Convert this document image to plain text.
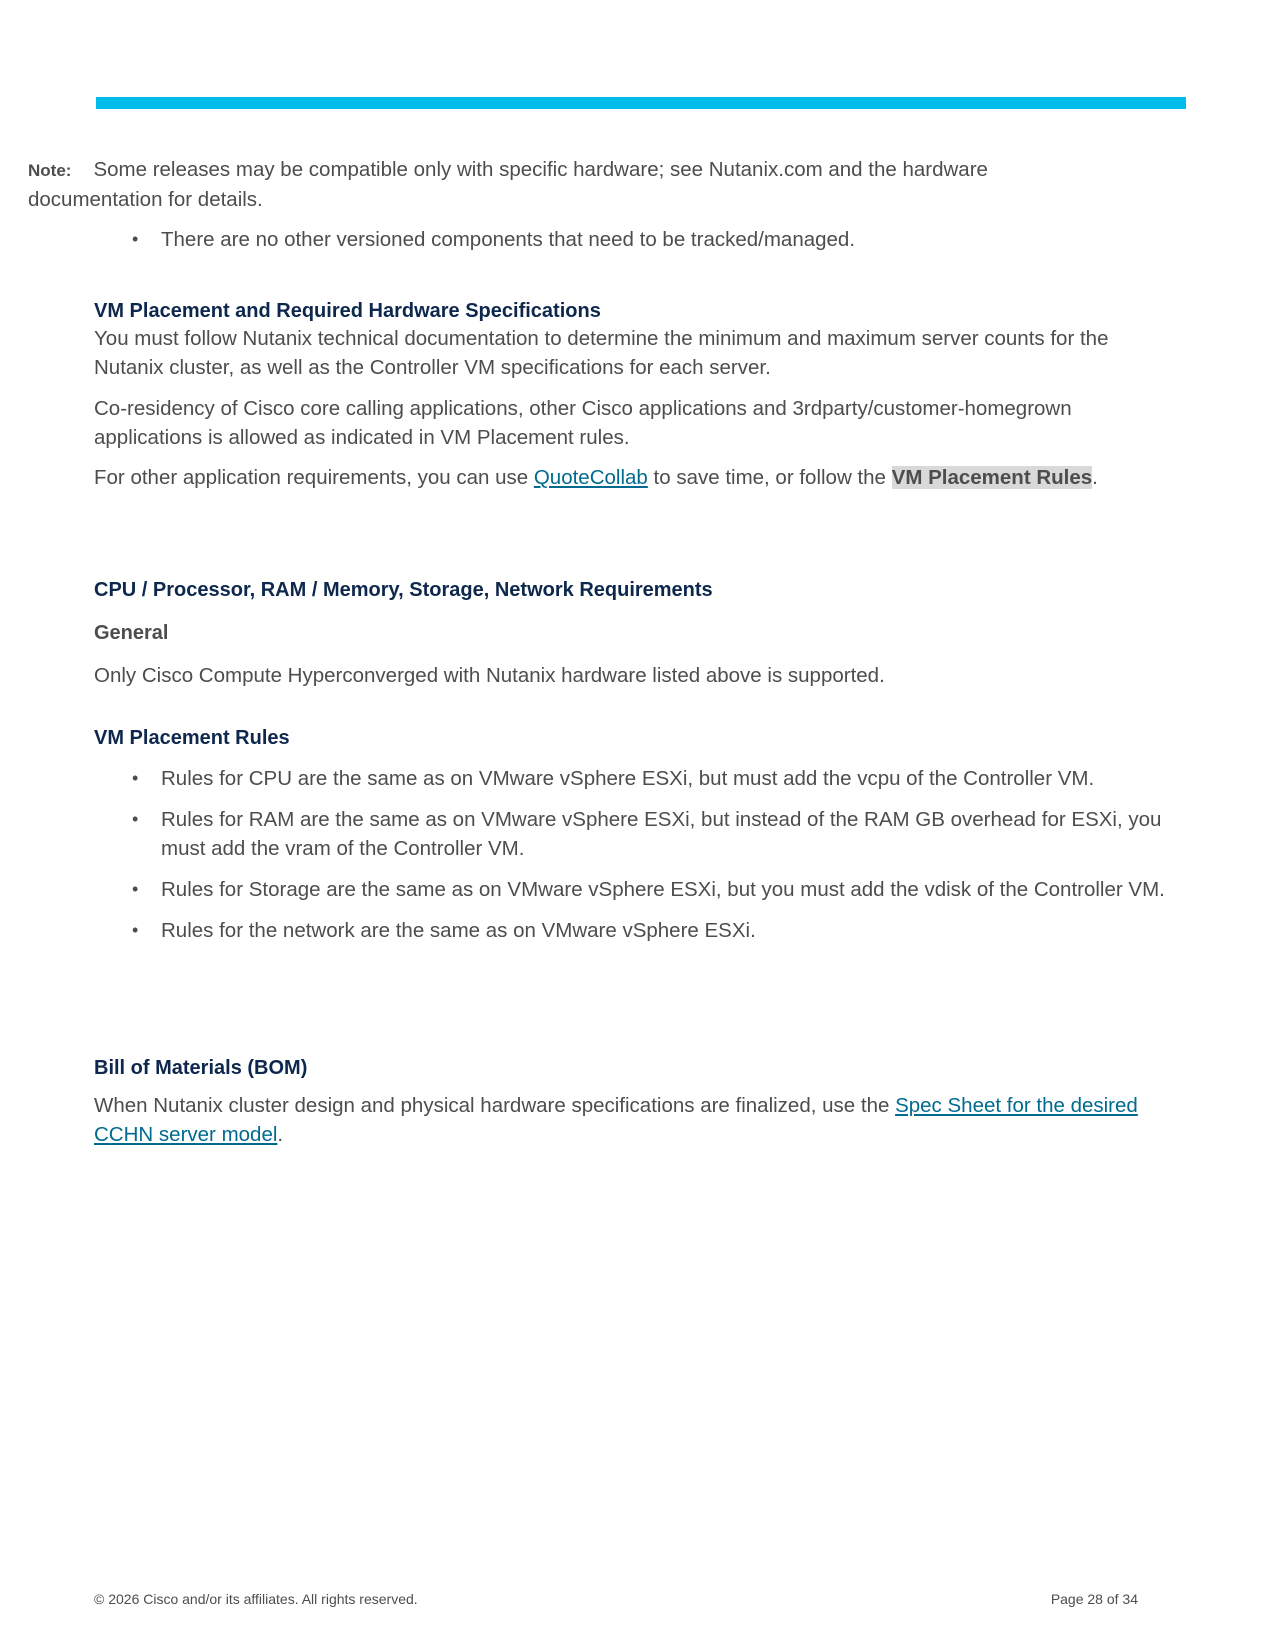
Note: Some releases may be compatible only with specific hardware; see Nutanix.com and the hardware documentation for details.
• There are no other versioned components that need to be tracked/managed.
VM Placement and Required Hardware Specifications

You must follow Nutanix technical documentation to determine the minimum and maximum server counts for the Nutanix cluster, as well as the Controller VM specifications for each server.

Co-residency of Cisco core calling applications, other Cisco applications and 3rdparty/customer-homegrown applications is allowed as indicated in VM Placement rules.

For other application requirements, you can use QuoteCollab to save time, or follow the VM Placement Rules.

CPU / Processor, RAM / Memory, Storage, Network Requirements
General

Only Cisco Compute Hyperconverged with Nutanix hardware listed above is supported.

VM Placement Rules
• Rules for CPU are the same as on VMware vSphere ESXi, but must add the vcpu of the Controller VM.
• Rules for RAM are the same as on VMware vSphere ESXi, but instead of the RAM GB overhead for ESXi, you must add the vram of the Controller VM.
• Rules for Storage are the same as on VMware vSphere ESXi, but you must add the vdisk of the Controller VM.
• Rules for the network are the same as on VMware vSphere ESXi.
Bill of Materials (BOM)

When Nutanix cluster design and physical hardware specifications are finalized, use the Spec Sheet for the desired CCHN server model.

© 2026 Cisco and/or its affiliates. All rights reserved.	Page 28 of 34
